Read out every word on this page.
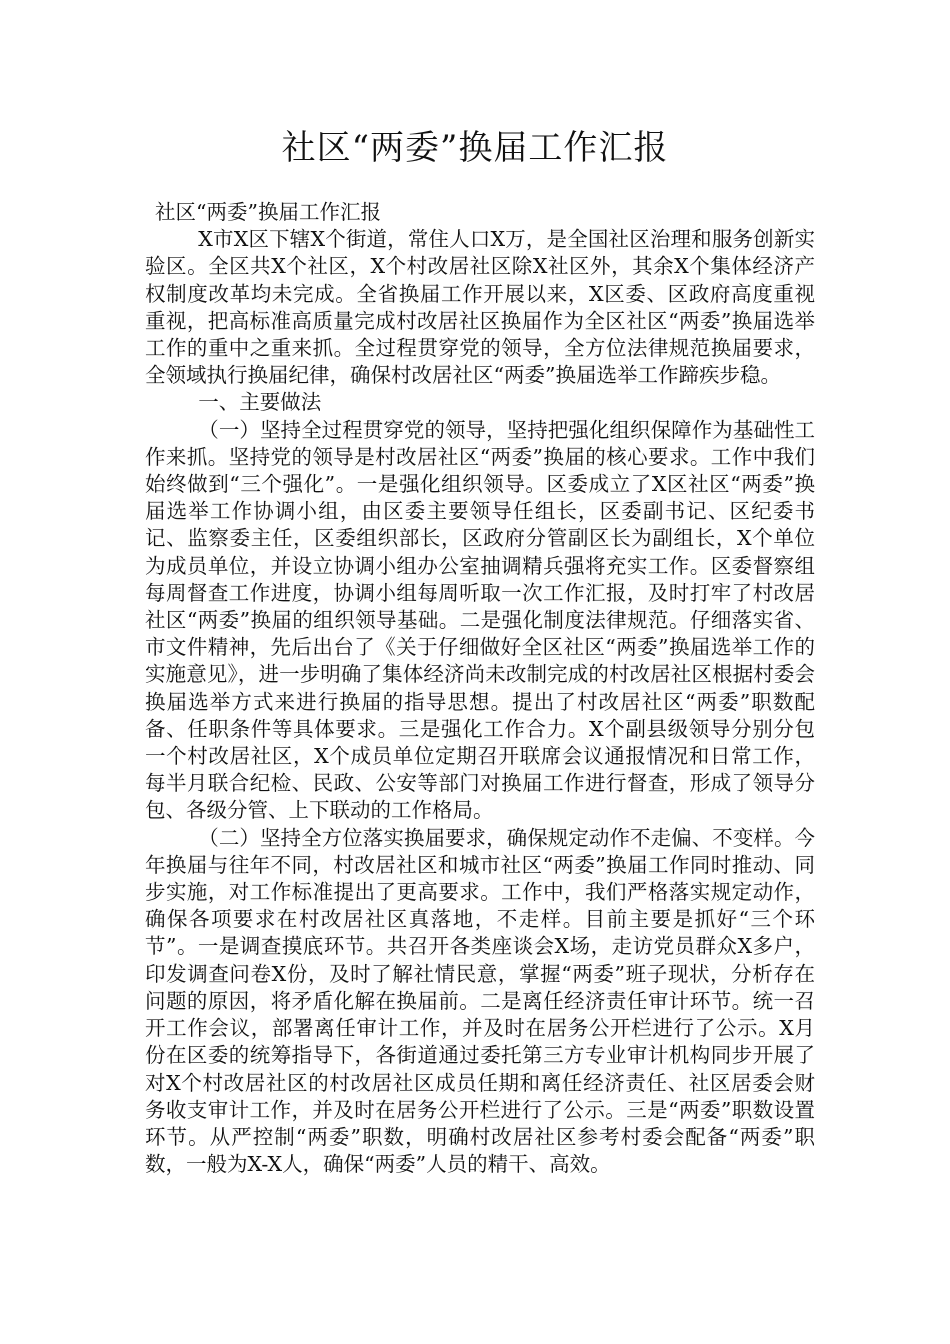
社区“两委”换届工作汇报

社区“两委”换届工作汇报

X市X区下辖X个街道，常住人口X万，是全国社区治理和服务创新实验区。全区共X个社区，X个村改居社区除X社区外，其余X个集体经济产权制度改革均未完成。全省换届工作开展以来，X区委、区政府高度重视重视，把高标准高质量完成村改居社区换届作为全区社区“两委”换届选举工作的重中之重来抓。全过程贯穿党的领导，全方位法律规范换届要求，全领域执行换届纪律，确保村改居社区“两委”换届选举工作蹄疾步稳。

一、主要做法

（一）坚持全过程贯穿党的领导，坚持把强化组织保障作为基础性工作来抓。坚持党的领导是村改居社区“两委”换届的核心要求。工作中我们始终做到“三个强化”。一是强化组织领导。区委成立了X区社区“两委”换届选举工作协调小组，由区委主要领导任组长，区委副书记、区纪委书记、监察委主任，区委组织部长，区政府分管副区长为副组长，X个单位为成员单位，并设立协调小组办公室抽调精兵强将充实工作。区委督察组每周督查工作进度，协调小组每周听取一次工作汇报，及时打牢了村改居社区“两委”换届的组织领导基础。二是强化制度法律规范。仔细落实省、市文件精神，先后出台了《关于仔细做好全区社区“两委”换届选举工作的实施意见》，进一步明确了集体经济尚未改制完成的村改居社区根据村委会换届选举方式来进行换届的指导思想。提出了村改居社区“两委”职数配备、任职条件等具体要求。三是强化工作合力。X个副县级领导分别分包一个村改居社区，X个成员单位定期召开联席会议通报情况和日常工作，每半月联合纪检、民政、公安等部门对换届工作进行督查，形成了领导分包、各级分管、上下联动的工作格局。

（二）坚持全方位落实换届要求，确保规定动作不走偏、不变样。今年换届与往年不同，村改居社区和城市社区“两委”换届工作同时推动、同步实施，对工作标准提出了更高要求。工作中，我们严格落实规定动作，确保各项要求在村改居社区真落地，不走样。目前主要是抓好“三个环节”。一是调查摸底环节。共召开各类座谈会X场，走访党员群众X多户，印发调查问卷X份，及时了解社情民意，掌握“两委”班子现状，分析存在问题的原因，将矛盾化解在换届前。二是离任经济责任审计环节。统一召开工作会议，部署离任审计工作，并及时在居务公开栏进行了公示。X月份在区委的统筹指导下，各街道通过委托第三方专业审计机构同步开展了对X个村改居社区的村改居社区成员任期和离任经济责任、社区居委会财务收支审计工作，并及时在居务公开栏进行了公示。三是“两委”职数设置环节。从严控制“两委”职数，明确村改居社区参考村委会配备“两委”职数，一般为X-X人，确保“两委”人员的精干、高效。
